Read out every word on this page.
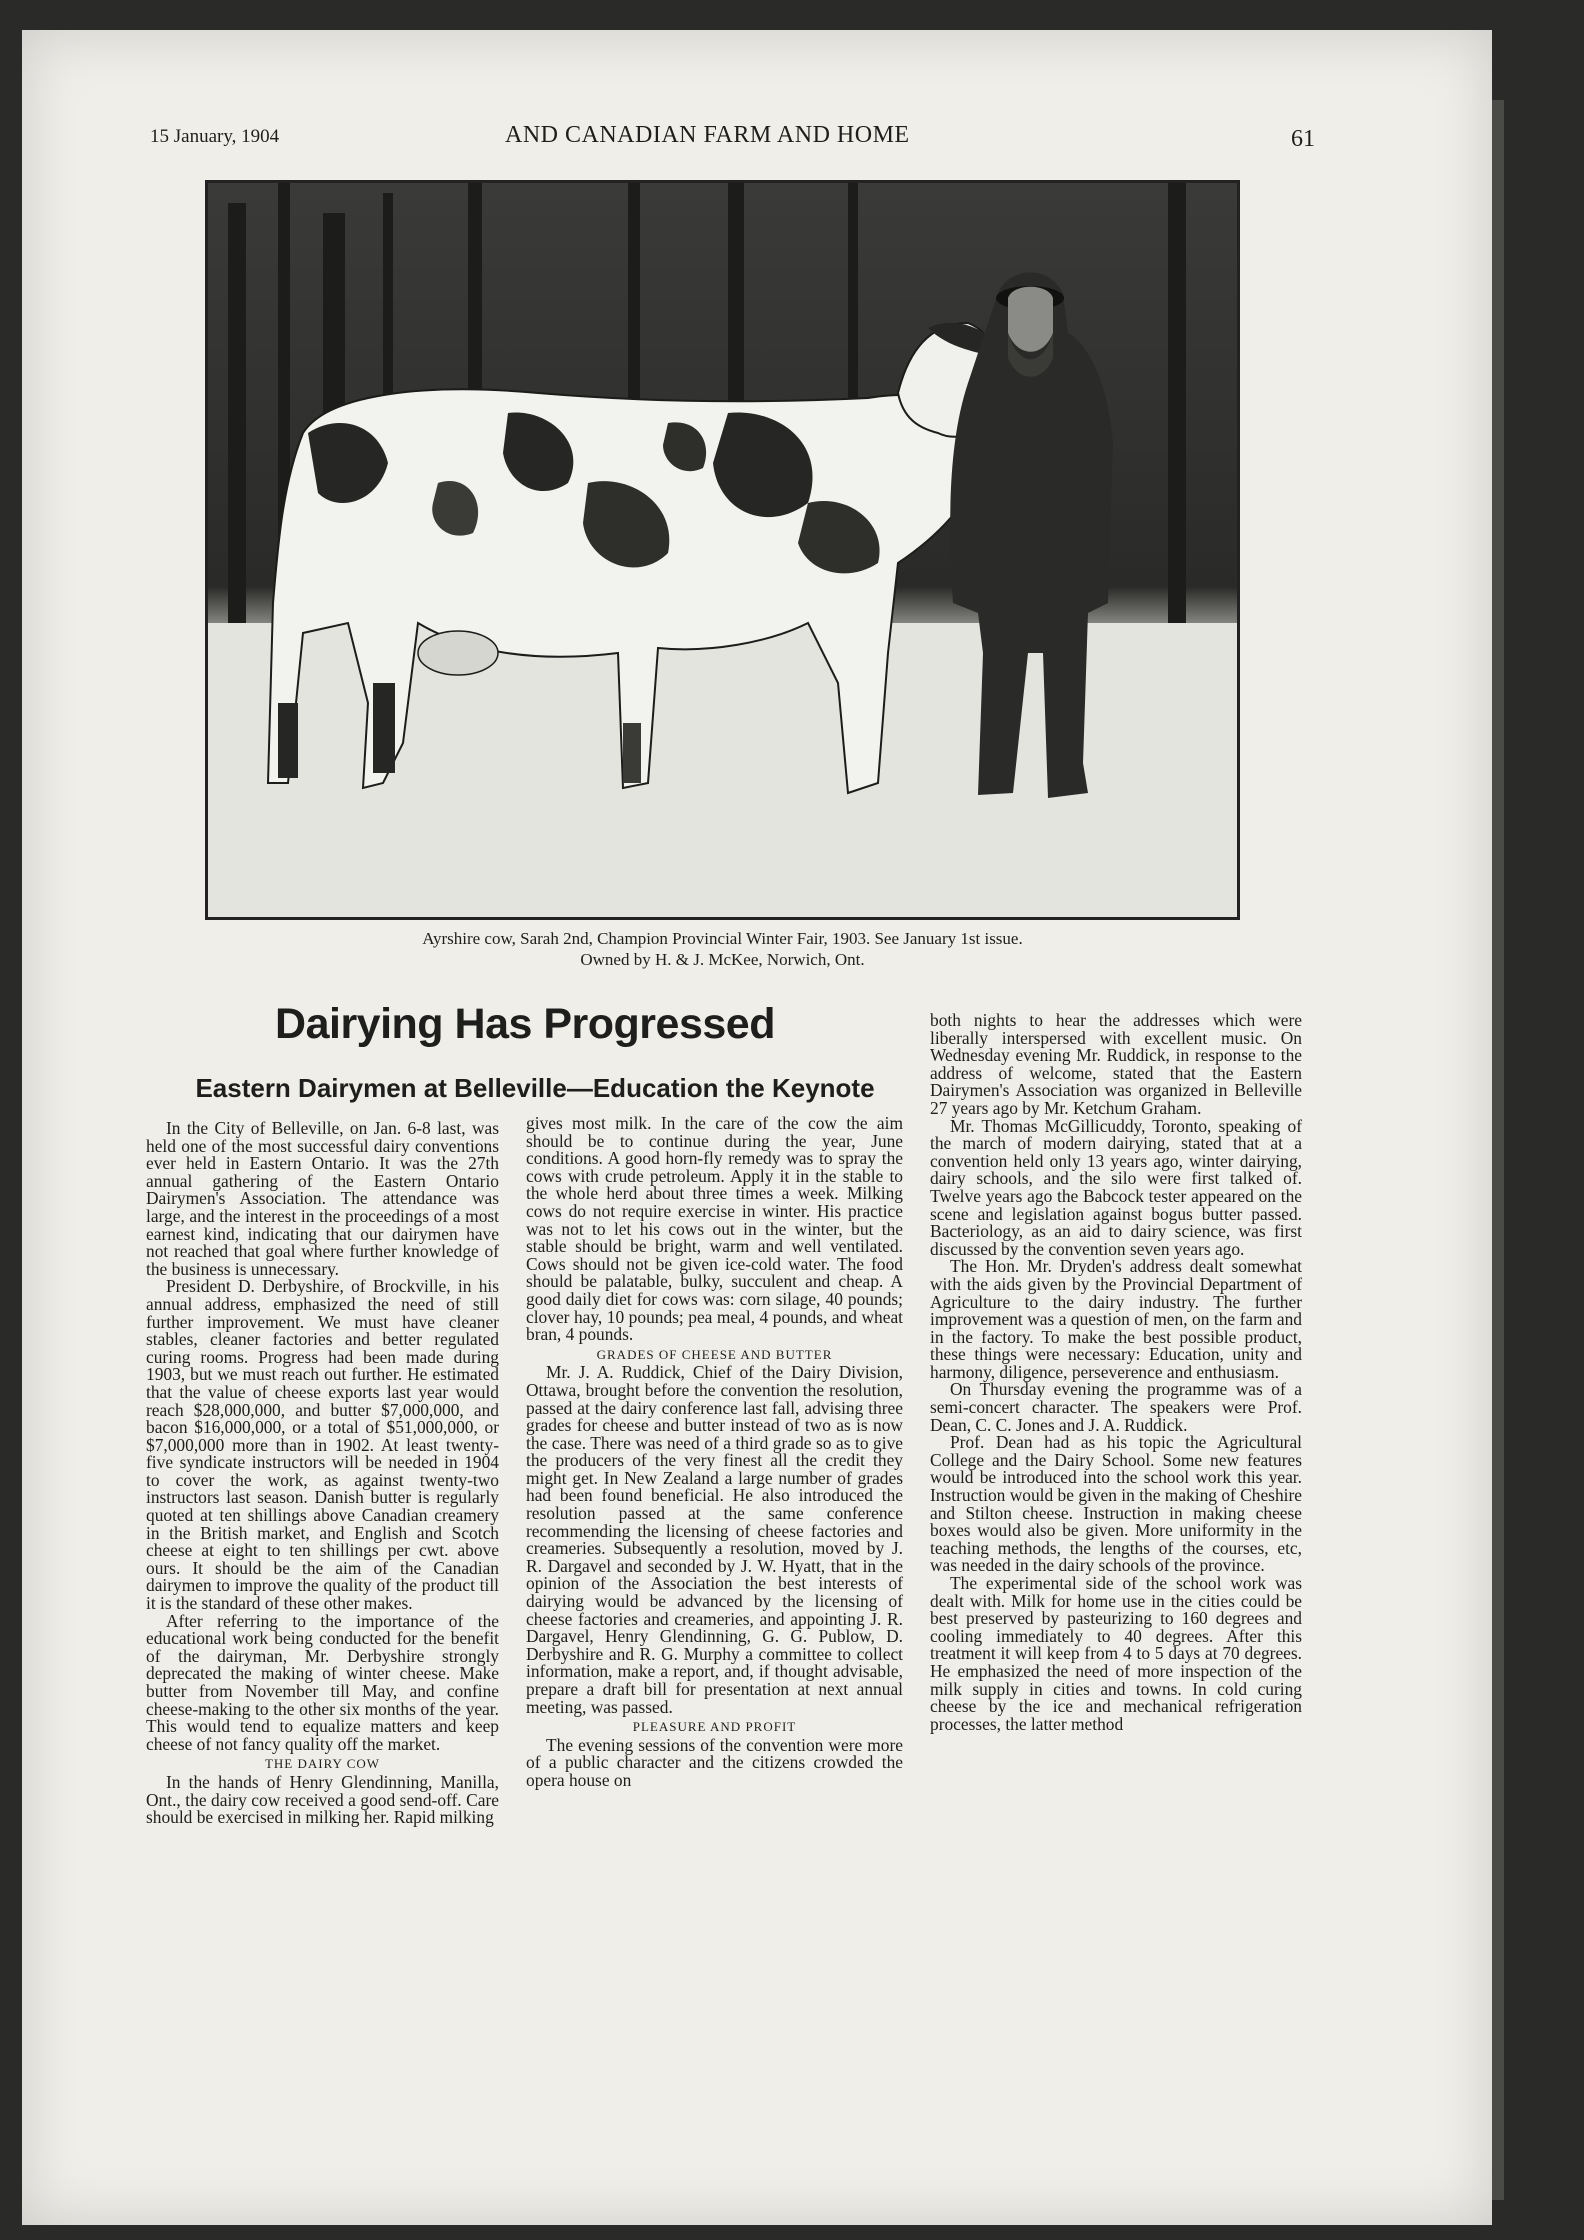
15 January, 1904	AND CANADIAN FARM AND HOME	61
Ayrshire cow, Sarah 2nd, Champion Provincial Winter Fair, 1903. See January 1st issue.
Owned by H. & J. McKee, Norwich, Ont.
Dairying Has Progressed
Eastern Dairymen at Belleville—Education the Keynote

In the City of Belleville, on Jan. 6-8 last, was held one of the most successful dairy conventions ever held in Eastern Ontario. It was the 27th annual gathering of the Eastern Ontario Dairymen's Association. The attendance was large, and the interest in the proceedings of a most earnest kind, indicating that our dairymen have not reached that goal where further knowledge of the business is unnecessary.

President D. Derbyshire, of Brockville, in his annual address, emphasized the need of still further improvement. We must have cleaner stables, cleaner factories and better regulated curing rooms. Progress had been made during 1903, but we must reach out further. He estimated that the value of cheese exports last year would reach $28,000,000, and butter $7,000,000, and bacon $16,000,000, or a total of $51,000,000, or $7,000,000 more than in 1902. At least twenty-five syndicate instructors will be needed in 1904 to cover the work, as against twenty-two instructors last season. Danish butter is regularly quoted at ten shillings above Canadian creamery in the British market, and English and Scotch cheese at eight to ten shillings per cwt. above ours. It should be the aim of the Canadian dairymen to improve the quality of the product till it is the standard of these other makes.

After referring to the importance of the educational work being conducted for the benefit of the dairyman, Mr. Derbyshire strongly deprecated the making of winter cheese. Make butter from November till May, and confine cheese-making to the other six months of the year. This would tend to equalize matters and keep cheese of not fancy quality off the market.

THE DAIRY COW

In the hands of Henry Glendinning, Manilla, Ont., the dairy cow received a good send-off. Care should be exercised in milking her. Rapid milking

gives most milk. In the care of the cow the aim should be to continue during the year, June conditions. A good horn-fly remedy was to spray the cows with crude petroleum. Apply it in the stable to the whole herd about three times a week. Milking cows do not require exercise in winter. His practice was not to let his cows out in the winter, but the stable should be bright, warm and well ventilated. Cows should not be given ice-cold water. The food should be palatable, bulky, succulent and cheap. A good daily diet for cows was: corn silage, 40 pounds; clover hay, 10 pounds; pea meal, 4 pounds, and wheat bran, 4 pounds.

GRADES OF CHEESE AND BUTTER

Mr. J. A. Ruddick, Chief of the Dairy Division, Ottawa, brought before the convention the resolution, passed at the dairy conference last fall, advising three grades for cheese and butter instead of two as is now the case. There was need of a third grade so as to give the producers of the very finest all the credit they might get. In New Zealand a large number of grades had been found beneficial. He also introduced the resolution passed at the same conference recommending the licensing of cheese factories and creameries. Subsequently a resolution, moved by J. R. Dargavel and seconded by J. W. Hyatt, that in the opinion of the Association the best interests of dairying would be advanced by the licensing of cheese factories and creameries, and appointing J. R. Dargavel, Henry Glendinning, G. G. Publow, D. Derbyshire and R. G. Murphy a committee to collect information, make a report, and, if thought advisable, prepare a draft bill for presentation at next annual meeting, was passed.

PLEASURE AND PROFIT

The evening sessions of the convention were more of a public character and the citizens crowded the opera house on

both nights to hear the addresses which were liberally interspersed with excellent music. On Wednesday evening Mr. Ruddick, in response to the address of welcome, stated that the Eastern Dairymen's Association was organized in Belleville 27 years ago by Mr. Ketchum Graham.

Mr. Thomas McGillicuddy, Toronto, speaking of the march of modern dairying, stated that at a convention held only 13 years ago, winter dairying, dairy schools, and the silo were first talked of. Twelve years ago the Babcock tester appeared on the scene and legislation against bogus butter passed. Bacteriology, as an aid to dairy science, was first discussed by the convention seven years ago.

The Hon. Mr. Dryden's address dealt somewhat with the aids given by the Provincial Department of Agriculture to the dairy industry. The further improvement was a question of men, on the farm and in the factory. To make the best possible product, these things were necessary: Education, unity and harmony, diligence, perseverence and enthusiasm.

On Thursday evening the programme was of a semi-concert character. The speakers were Prof. Dean, C. C. Jones and J. A. Ruddick.

Prof. Dean had as his topic the Agricultural College and the Dairy School. Some new features would be introduced into the school work this year. Instruction would be given in the making of Cheshire and Stilton cheese. Instruction in making cheese boxes would also be given. More uniformity in the teaching methods, the lengths of the courses, etc, was needed in the dairy schools of the province.

The experimental side of the school work was dealt with. Milk for home use in the cities could be best preserved by pasteurizing to 160 degrees and cooling immediately to 40 degrees. After this treatment it will keep from 4 to 5 days at 70 degrees. He emphasized the need of more inspection of the milk supply in cities and towns. In cold curing cheese by the ice and mechanical refrigeration processes, the latter method
